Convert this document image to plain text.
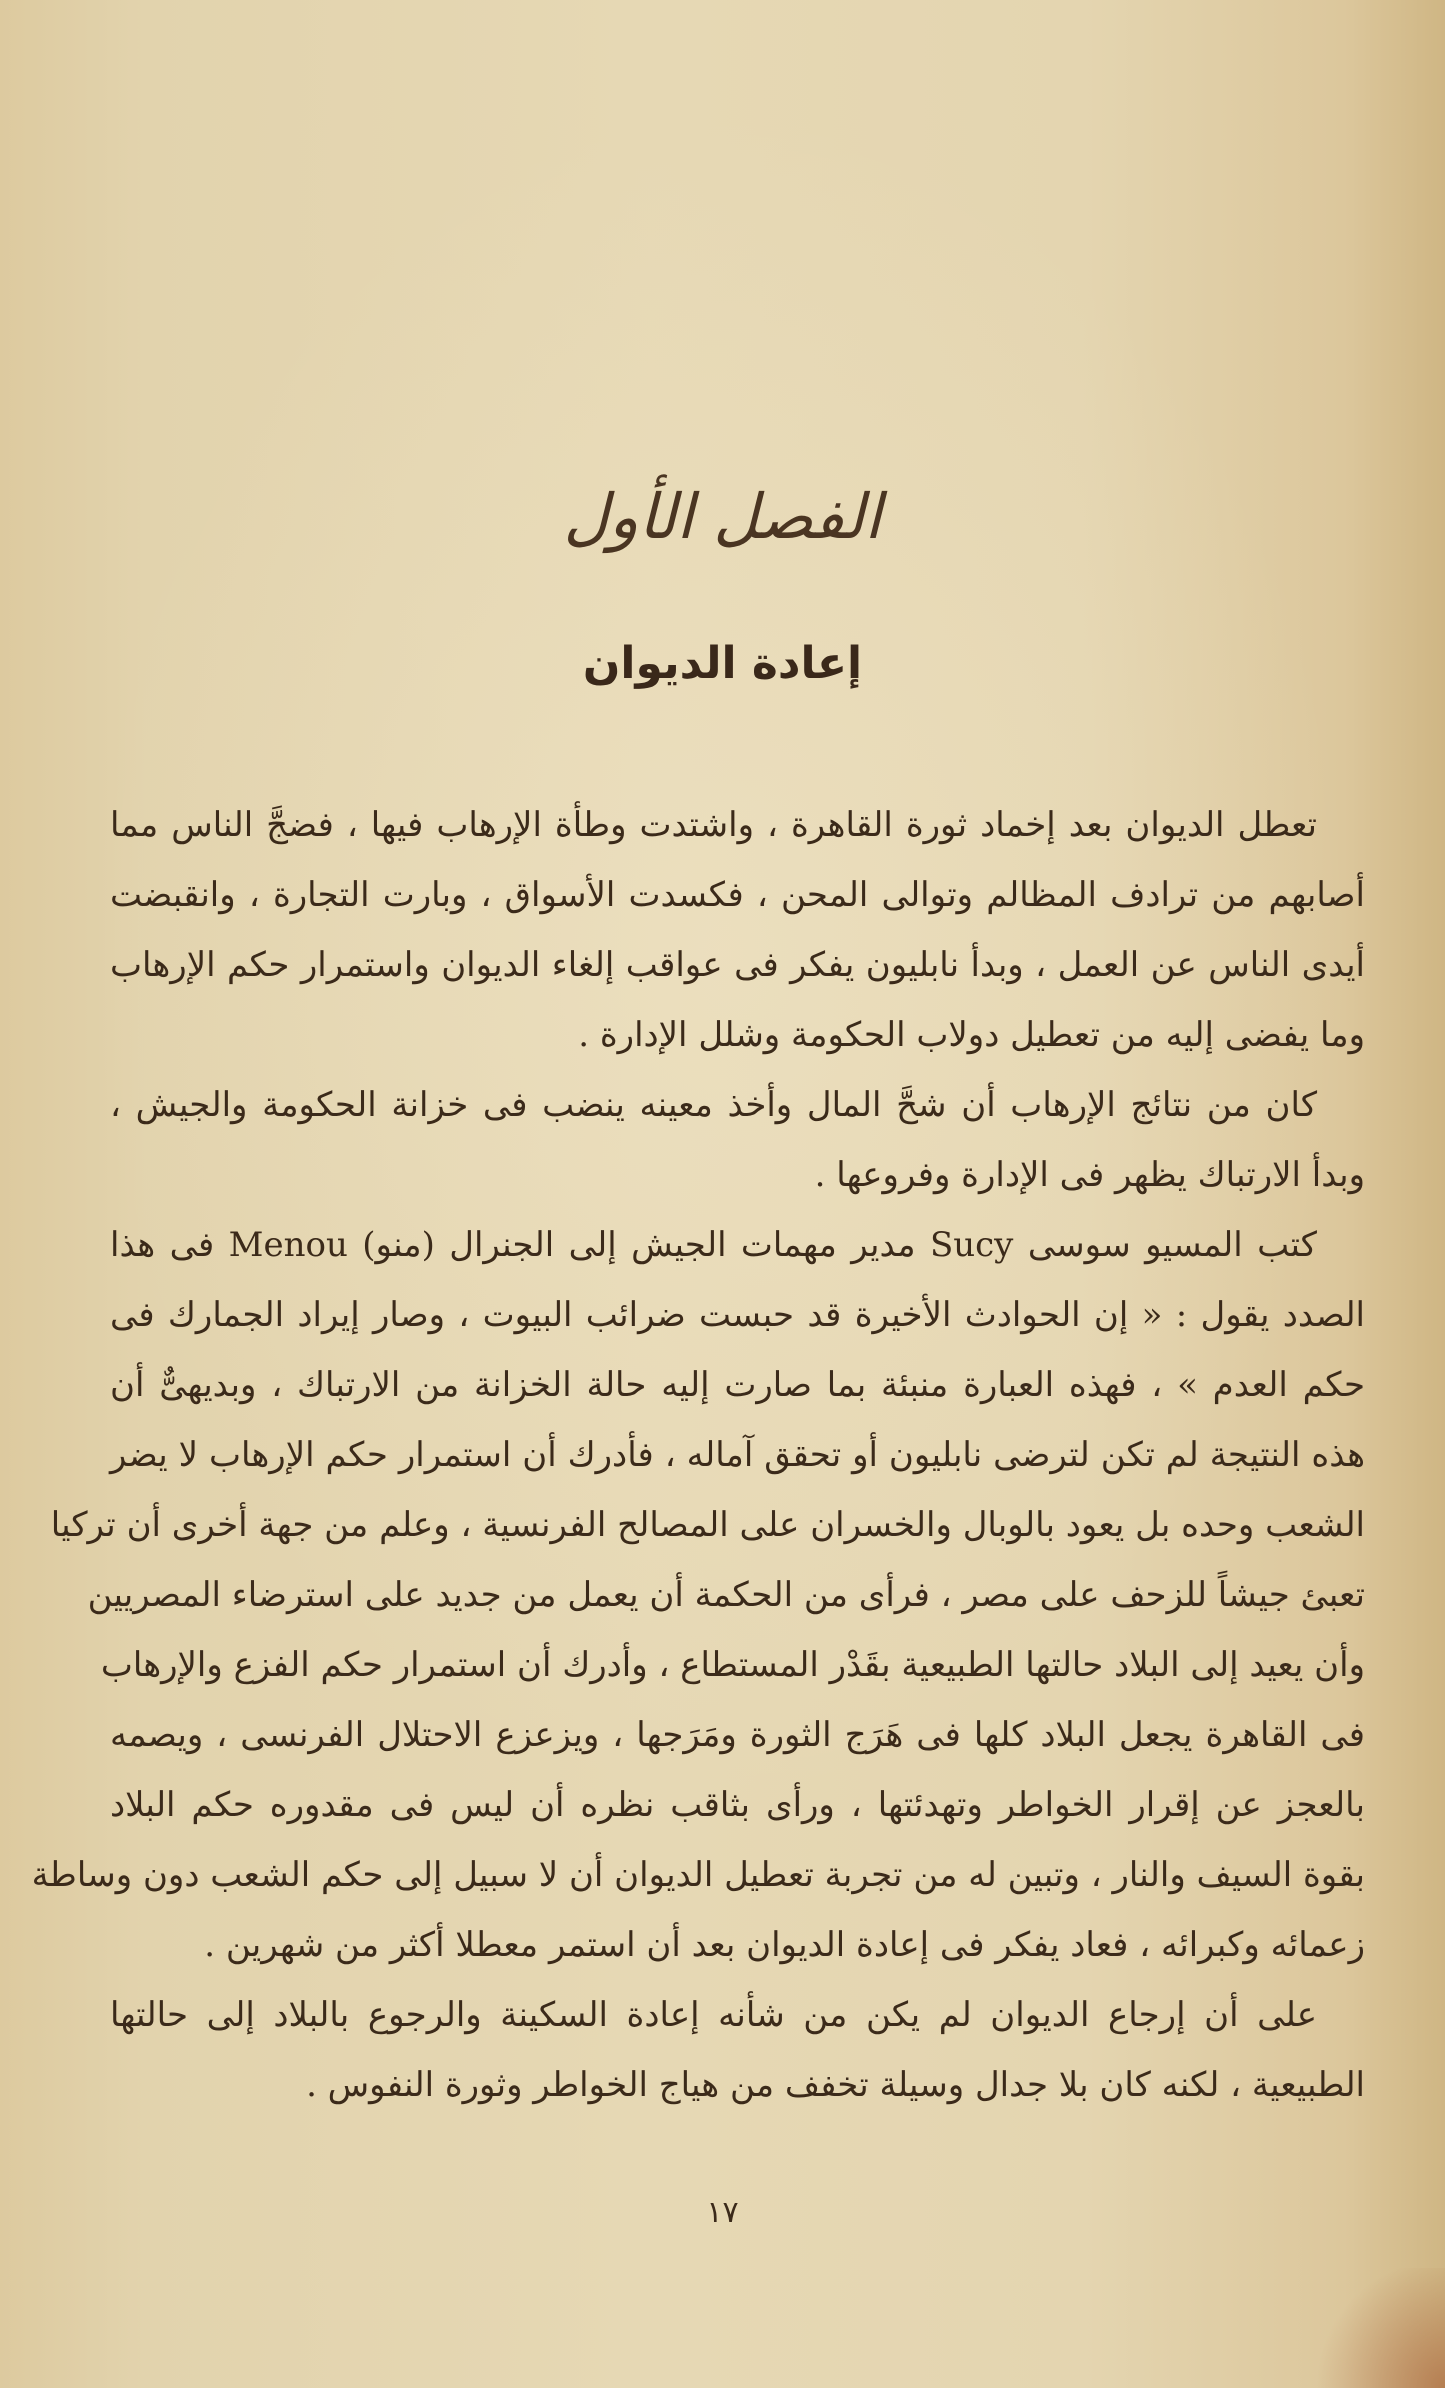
الفصل الأول
إعادة الديوان
تعطل الديوان بعد إخماد ثورة القاهرة ، واشتدت وطأة الإرهاب فيها ، فضجَّ الناس مما
أصابهم من ترادف المظالم وتوالى المحن ، فكسدت الأسواق ، وبارت التجارة ، وانقبضت
أيدى الناس عن العمل ، وبدأ نابليون يفكر فى عواقب إلغاء الديوان واستمرار حكم الإرهاب
وما يفضى إليه من تعطيل دولاب الحكومة وشلل الإدارة .
كان من نتائج الإرهاب أن شحَّ المال وأخذ معينه ينضب فى خزانة الحكومة والجيش ،
وبدأ الارتباك يظهر فى الإدارة وفروعها .
كتب المسيو سوسى Sucy مدير مهمات الجيش إلى الجنرال (منو) Menou فى هذا
الصدد يقول : « إن الحوادث الأخيرة قد حبست ضرائب البيوت ، وصار إيراد الجمارك فى
حكم العدم » ، فهذه العبارة منبئة بما صارت إليه حالة الخزانة من الارتباك ، وبديهىٌّ أن
هذه النتيجة لم تكن لترضى نابليون أو تحقق آماله ، فأدرك أن استمرار حكم الإرهاب لا يضر
الشعب وحده بل يعود بالوبال والخسران على المصالح الفرنسية ، وعلم من جهة أخرى أن تركيا
تعبئ جيشاً للزحف على مصر ، فرأى من الحكمة أن يعمل من جديد على استرضاء المصريين
وأن يعيد إلى البلاد حالتها الطبيعية بقَدْر المستطاع ، وأدرك أن استمرار حكم الفزع والإرهاب
فى القاهرة يجعل البلاد كلها فى هَرَج الثورة ومَرَجها ، ويزعزع الاحتلال الفرنسى ، ويصمه
بالعجز عن إقرار الخواطر وتهدئتها ، ورأى بثاقب نظره أن ليس فى مقدوره حكم البلاد
بقوة السيف والنار ، وتبين له من تجربة تعطيل الديوان أن لا سبيل إلى حكم الشعب دون وساطة
زعمائه وكبرائه ، فعاد يفكر فى إعادة الديوان بعد أن استمر معطلا أكثر من شهرين .
على أن إرجاع الديوان لم يكن من شأنه إعادة السكينة والرجوع بالبلاد إلى حالتها
الطبيعية ، لكنه كان بلا جدال وسيلة تخفف من هياج الخواطر وثورة النفوس .
١٧
